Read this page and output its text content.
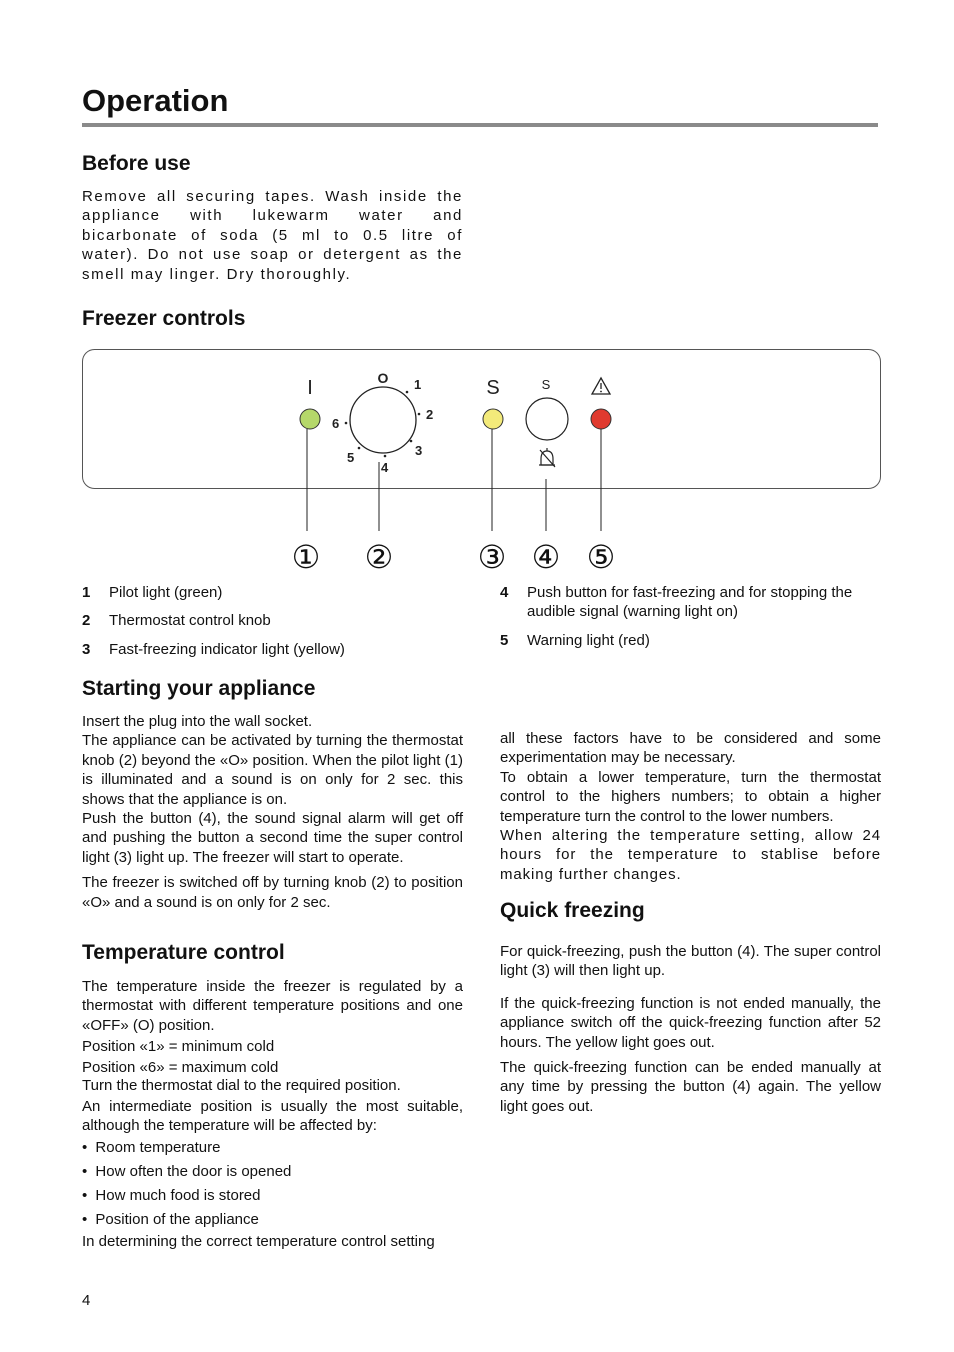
Operation
Before use

Remove all securing tapes. Wash inside the appliance with lukewarm water and bicarbonate of soda (5 ml to 0.5 litre of water). Do not use soap or detergent as the smell may linger. Dry thoroughly.

Freezer controls
I	O 1
2
3
4
5
6
S	S
① ②	③ ④ ⑤
1	Pilot light (green)
2	Thermostat control knob
3	Fast-freezing indicator light (yellow)
4	Push button for fast-freezing and for stopping the audible signal (warning light on)
5	Warning light (red)
Starting your appliance

Insert the plug into the wall socket.

The appliance can be activated by turning the thermostat knob (2) beyond the «O» position. When the pilot light (1) is illuminated and a sound is on only for 2 sec. this shows that the appliance is on.

Push the button (4), the sound signal alarm will get off and pushing the button a second time the super control light (3) light up. The freezer will start to operate.

The freezer is switched off by turning knob (2) to position «O» and a sound is on only for 2 sec.

Temperature control

The temperature inside the freezer is regulated by a thermostat with different temperature positions and one «OFF» (O) position.

Position «1» = minimum cold

Position «6» = maximum cold

Turn the thermostat dial to the required position.

An intermediate position is usually the most suitable, although the temperature will be affected by:

• Room temperature
• How often the door is opened
• How much food is stored
• Position of the appliance

In determining the correct temperature control setting

all these factors have to be considered and some experimentation may be necessary.

To obtain a lower temperature, turn the thermostat control to the highers numbers; to obtain a higher temperature turn the control to the lower numbers.

When altering the temperature setting, allow 24 hours for the temperature to stablise before making further changes.

Quick freezing

For quick-freezing, push the button (4). The super control light (3) will then light up.

If the quick-freezing function is not ended manually, the appliance switch off the quick-freezing function after 52 hours. The yellow light goes out.

The quick-freezing function can be ended manually at any time by pressing the button (4) again. The yellow light goes out.

4
